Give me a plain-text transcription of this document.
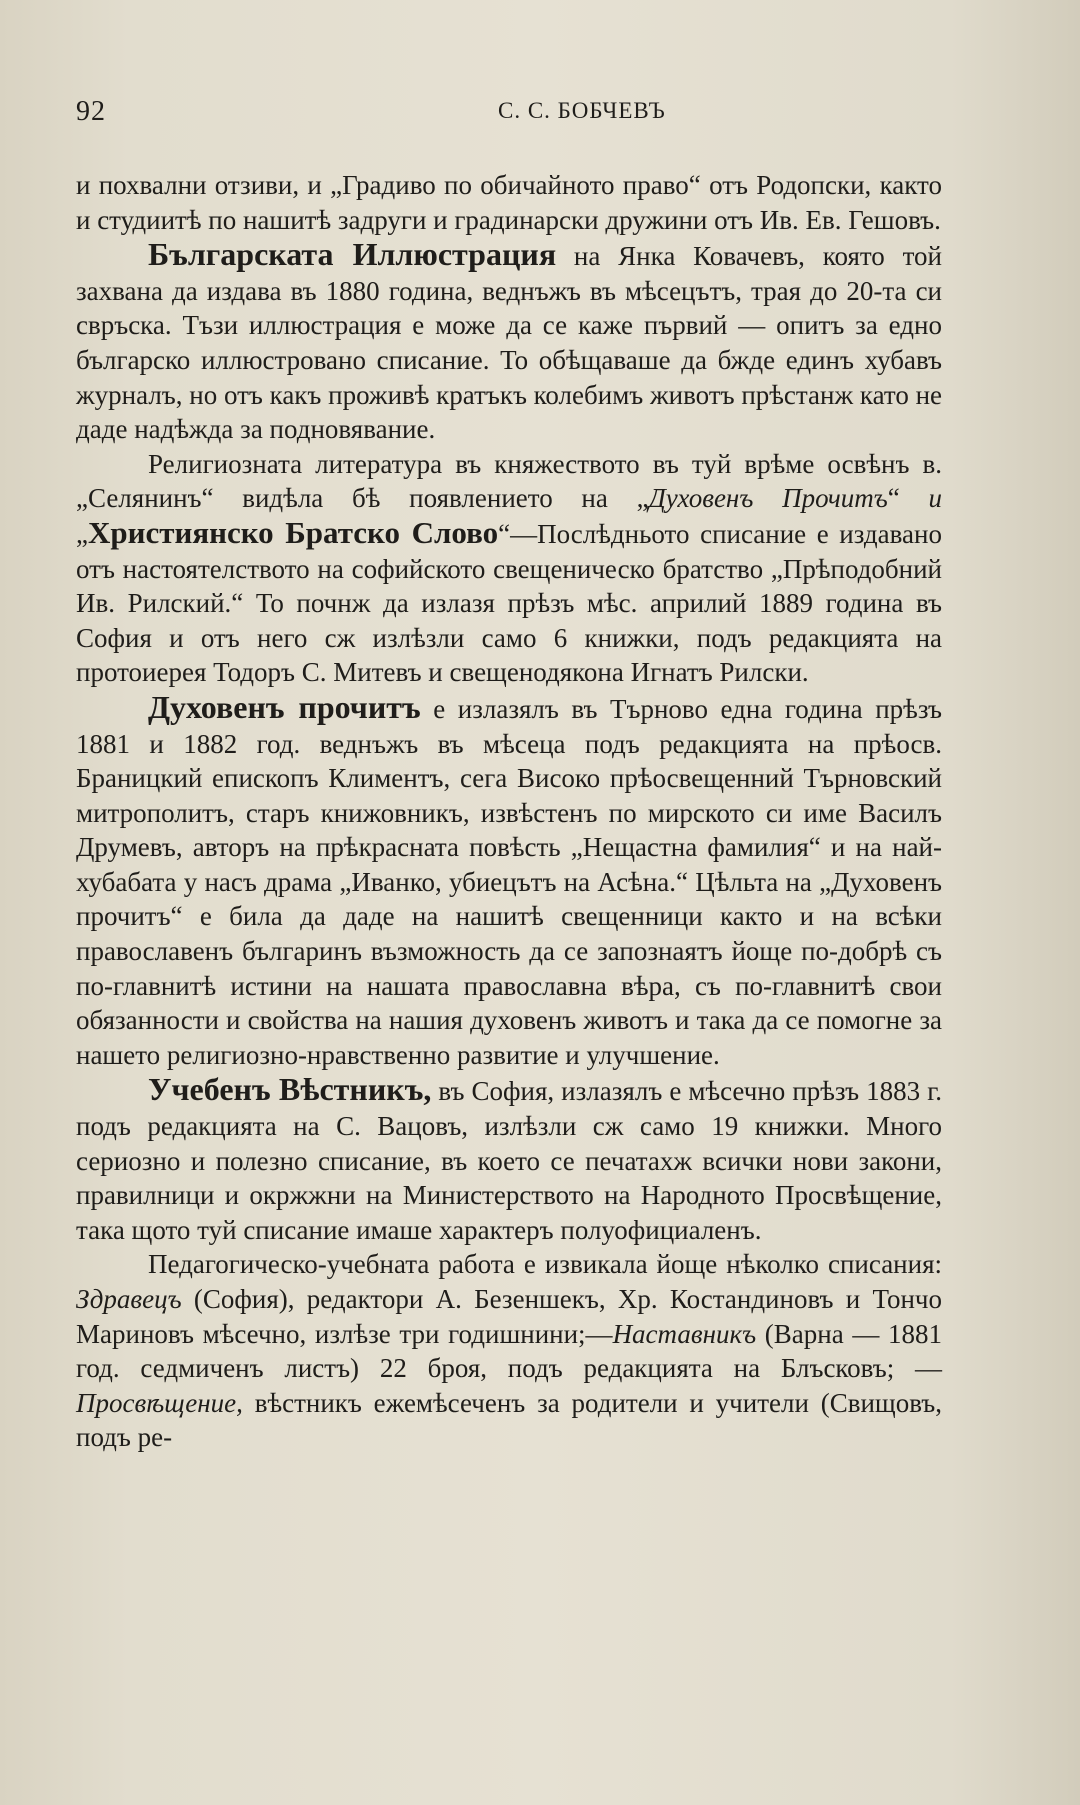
92	С. С. БОБЧЕВЪ

и похвални отзиви, и „Градиво по обичайното право“ отъ Родопски, както и студиитѣ по нашитѣ задруги и градинарски дружини отъ Ив. Ев. Гешовъ.

Българската Иллюстрация на Янка Ковачевъ, която той захвана да издава въ 1880 година, веднъжъ въ мѣсецътъ, трая до 20-та си свръска. Тъзи иллюстрация е може да се каже първий — опитъ за едно българско иллюстровано списание. То обѣщаваше да бжде единъ хубавъ журналъ, но отъ какъ проживѣ кратъкъ колебимъ животъ прѣстанж като не даде надѣжда за подновявание.

Религиозната литература въ княжеството въ туй врѣме освѣнъ в. „Селянинъ“ видѣла бѣ появлението на „Духовенъ Прочитъ“ и „Християнско Братско Слово“—Послѣдньото списание е издавано отъ настоятелството на софийското свещеническо братство „Прѣподобний Ив. Рилский.“ То почнж да излазя прѣзъ мѣс. априлий 1889 година въ София и отъ него сж излѣзли само 6 книжки, подъ редакцията на протоиерея Тодоръ С. Митевъ и свещенодякона Игнатъ Рилски.

Духовенъ прочитъ е излазялъ въ Търново една година прѣзъ 1881 и 1882 год. веднъжъ въ мѣсеца подъ редакцията на прѣосв. Браницкий епископъ Климентъ, сега Високо прѣосвещенний Търновский митрополитъ, старъ книжовникъ, извѣстенъ по мирското си име Василъ Друмевъ, авторъ на прѣкрасната повѣсть „Нещастна фамилия“ и на най-хубабата у насъ драма „Иванко, убиецътъ на Асѣна.“ Цѣльта на „Духовенъ прочитъ“ е била да даде на нашитѣ свещенници както и на всѣки православенъ българинъ възможность да се запознаятъ йоще по-добрѣ съ по-главнитѣ истини на нашата православна вѣра, съ по-главнитѣ свои обязанности и свойства на нашия духовенъ животъ и така да се помогне за нашето религиозно-нравственно развитие и улучшение.

Учебенъ Вѣстникъ, въ София, излазялъ е мѣсечно прѣзъ 1883 г. подъ редакцията на С. Вацовъ, излѣзли сж само 19 книжки. Много сериозно и полезно списание, въ което се печатахж всички нови закони, правилници и окржжни на Министерството на Народното Просвѣщение, така щото туй списание имаше характеръ полуофициаленъ.

Педагогическо-учебната работа е извикала йоще нѣколко списания: Здравецъ (София), редактори А. Безеншекъ, Хр. Костандиновъ и Тончо Мариновъ мѣсечно, излѣзе три годишнини;—Наставникъ (Варна — 1881 год. седмиченъ листъ) 22 броя, подъ редакцията на Блъсковъ; — Просвѣщение, вѣстникъ ежемѣсеченъ за родители и учители (Свищовъ, подъ ре-
